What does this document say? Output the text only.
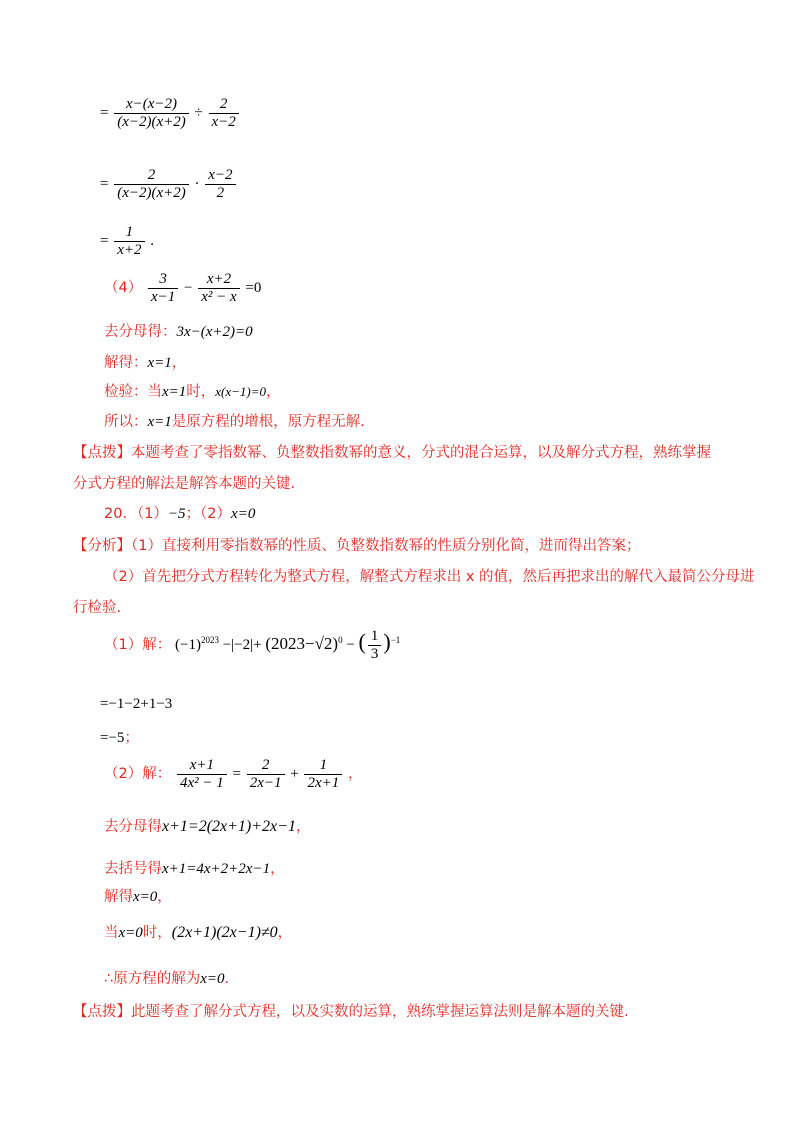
= $\frac{x-(x-2)}{(x-2)(x+2)} \div \frac{2}{x-2}$
= $\frac{2}{(x-2)(x+2)} \cdot \frac{x-2}{2}$
= $\frac{1}{x+2}$ .
$(4) \frac{3}{x-1} - \frac{x+2}{\text{x² − x}} =0$
去分母得：3x−(x+2)=0
解得：x=1，
检验：当x=1时，x(x−1)=0，
所以：x=1是原方程的增根，原方程无解.
【点拨】本题考查了零指数幂、负整数指数幂的意义，分式的混合运算，以及解分式方程，熟练掌握
分式方程的解法是解答本题的关键.
20．（1）−5；（2）x=0
【分析】（1）直接利用零指数幂的性质、负整数指数幂的性质分别化简，进而得出答案；
（2）首先把分式方程转化为整式方程，解整式方程求出 x 的值，然后再把求出的解代入最简公分母进
行检验.
（1）解： $(-1)^{2023} -|-2|+ (2023-√2)^0$ − ( $\frac{1}{3} )^{-1}$
=−1−2+1−3
=−5；
（2）解： $\frac{x+1}{\text{4x² − 1}} = \frac{2}{2x-1} + \frac{1}{2x+1}$ ，
去分母得x+1=2(2x+1)+2x−1，
去括号得x+1=4x+2+2x−1，
解得x=0，
当x=0时，(2x+1)(2x−1)≠0，
∴原方程的解为x=0.
【点拨】此题考查了解分式方程，以及实数的运算，熟练掌握运算法则是解本题的关键.
